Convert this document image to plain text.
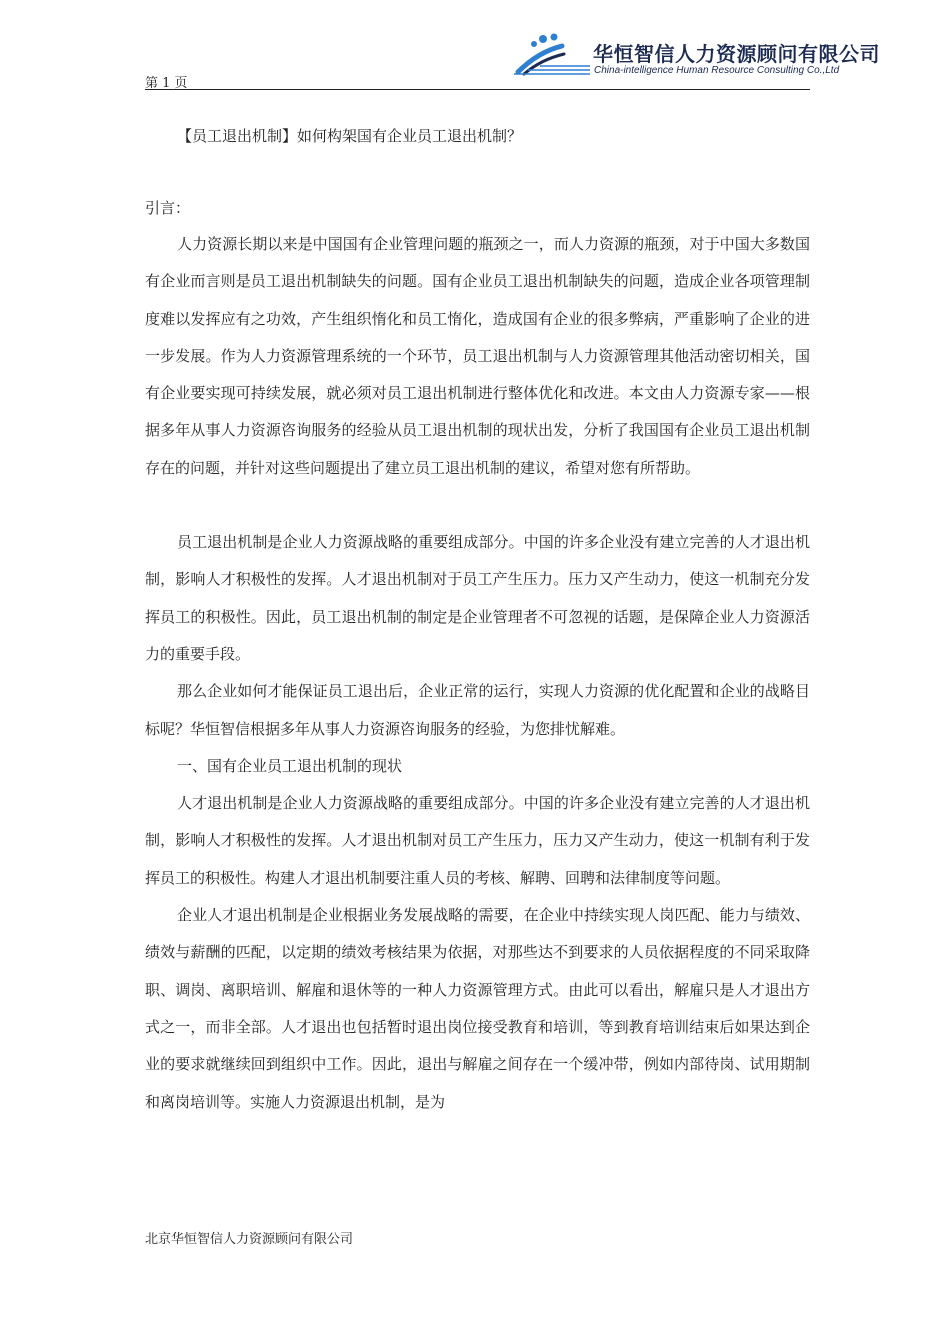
第 1 页
华恒智信人力资源顾问有限公司
China-intelligence Human Resource Consulting Co.,Ltd
【员工退出机制】如何构架国有企业员工退出机制？
引言：

人力资源长期以来是中国国有企业管理问题的瓶颈之一，而人力资源的瓶颈，对于中国大多数国有企业而言则是员工退出机制缺失的问题。国有企业员工退出机制缺失的问题，造成企业各项管理制度难以发挥应有之功效，产生组织惰化和员工惰化，造成国有企业的很多弊病，严重影响了企业的进一步发展。作为人力资源管理系统的一个环节，员工退出机制与人力资源管理其他活动密切相关，国有企业要实现可持续发展，就必须对员工退出机制进行整体优化和改进。本文由人力资源专家——根据多年从事人力资源咨询服务的经验从员工退出机制的现状出发，分析了我国国有企业员工退出机制存在的问题，并针对这些问题提出了建立员工退出机制的建议，希望对您有所帮助。

员工退出机制是企业人力资源战略的重要组成部分。中国的许多企业没有建立完善的人才退出机制，影响人才积极性的发挥。人才退出机制对于员工产生压力。压力又产生动力，使这一机制充分发挥员工的积极性。因此，员工退出机制的制定是企业管理者不可忽视的话题，是保障企业人力资源活力的重要手段。

那么企业如何才能保证员工退出后，企业正常的运行，实现人力资源的优化配置和企业的战略目标呢？华恒智信根据多年从事人力资源咨询服务的经验，为您排忧解难。

一、国有企业员工退出机制的现状

人才退出机制是企业人力资源战略的重要组成部分。中国的许多企业没有建立完善的人才退出机制，影响人才积极性的发挥。人才退出机制对员工产生压力，压力又产生动力，使这一机制有利于发挥员工的积极性。构建人才退出机制要注重人员的考核、解聘、回聘和法律制度等问题。

企业人才退出机制是企业根据业务发展战略的需要，在企业中持续实现人岗匹配、能力与绩效、绩效与薪酬的匹配，以定期的绩效考核结果为依据，对那些达不到要求的人员依据程度的不同采取降职、调岗、离职培训、解雇和退休等的一种人力资源管理方式。由此可以看出，解雇只是人才退出方式之一，而非全部。人才退出也包括暂时退出岗位接受教育和培训，等到教育培训结束后如果达到企业的要求就继续回到组织中工作。因此，退出与解雇之间存在一个缓冲带，例如内部待岗、试用期制和离岗培训等。实施人力资源退出机制，是为

北京华恒智信人力资源顾问有限公司
